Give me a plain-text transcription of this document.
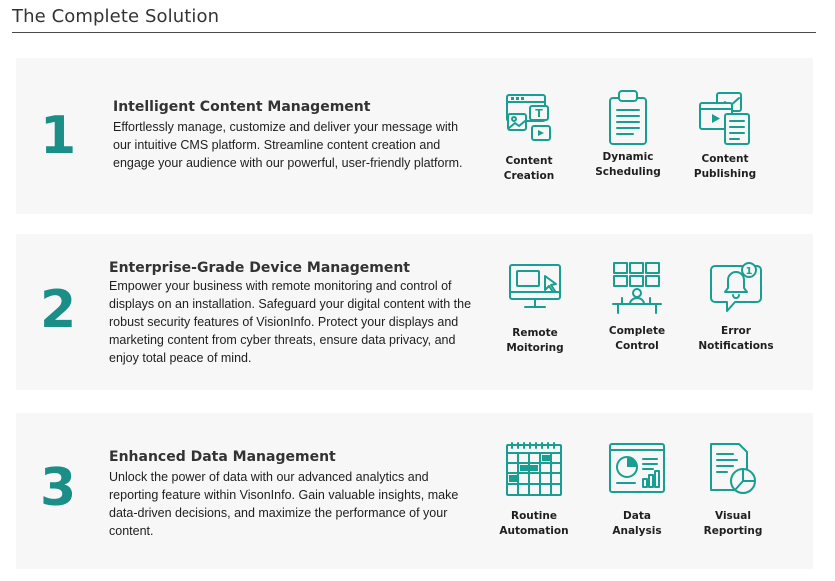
The Complete Solution
1	Intelligent Content Management
Effortlessly manage, customize and deliver your message with our intuitive CMS platform. Streamline content creation and engage your audience with our powerful, user-friendly platform.
T
Content
Creation
Dynamic
Scheduling
Content
Publishing
2
Enterprise-Grade Device Management
Empower your business with remote monitoring and control of displays on an installation. Safeguard your digital content with the robust security features of VisionInfo. Protect your displays and marketing content from cyber threats, ensure data privacy, and enjoy total peace of mind.
Remote
Moitoring
Complete
Control
1
Error
Notifications
3
Enhanced Data Management
Unlock the power of data with our advanced analytics and reporting feature within VisonInfo. Gain valuable insights, make data-driven decisions, and maximize the performance of your content.
Routine
Automation
Data
Analysis
Visual
Reporting
